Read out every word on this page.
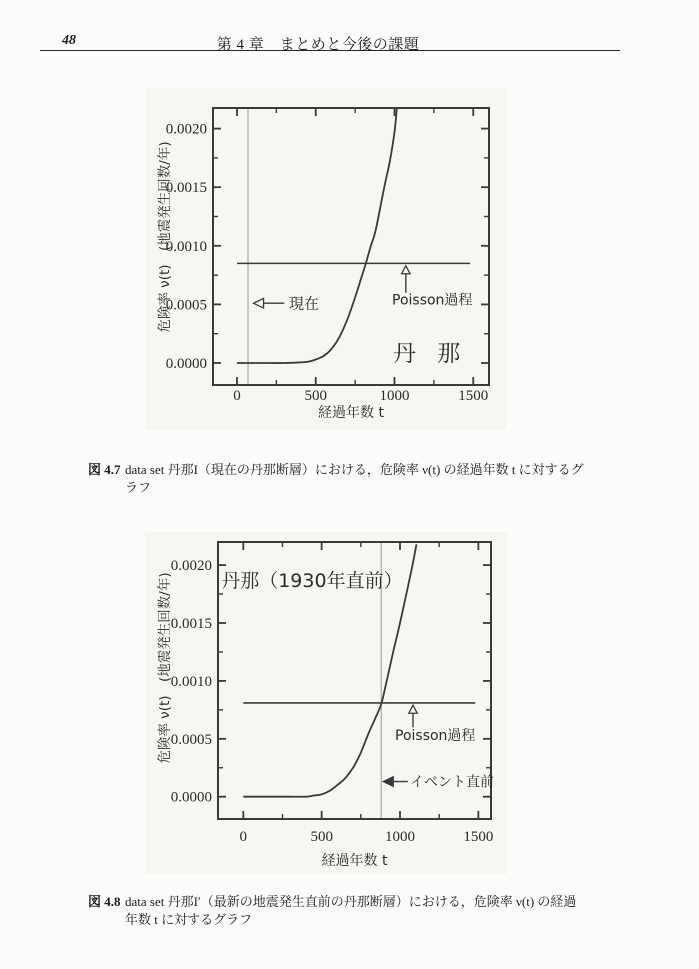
48	第 4 章　まとめと今後の課題
0	500	1000	1500
0.0000
0.0005
0.0010
0.0015
0.0020
経過年数 t
危険率 ν(t)　(地震発生回数/年)	現在	Poisson過程
丹 那
図 4.7 data set 丹那I（現在の丹那断層）における，危険率 ν(t) の経過年数 t に対するグ
ラフ
0	500	1000	1500
0.0000
0.0005
0.0010
0.0015
0.0020
経過年数 t
危険率 ν(t)　(地震発生回数/年)	丹那（1930年直前）
Poisson過程
イベント直前
図 4.8 data set 丹那I′（最新の地震発生直前の丹那断層）における，危険率 ν(t) の経過
年数 t に対するグラフ
